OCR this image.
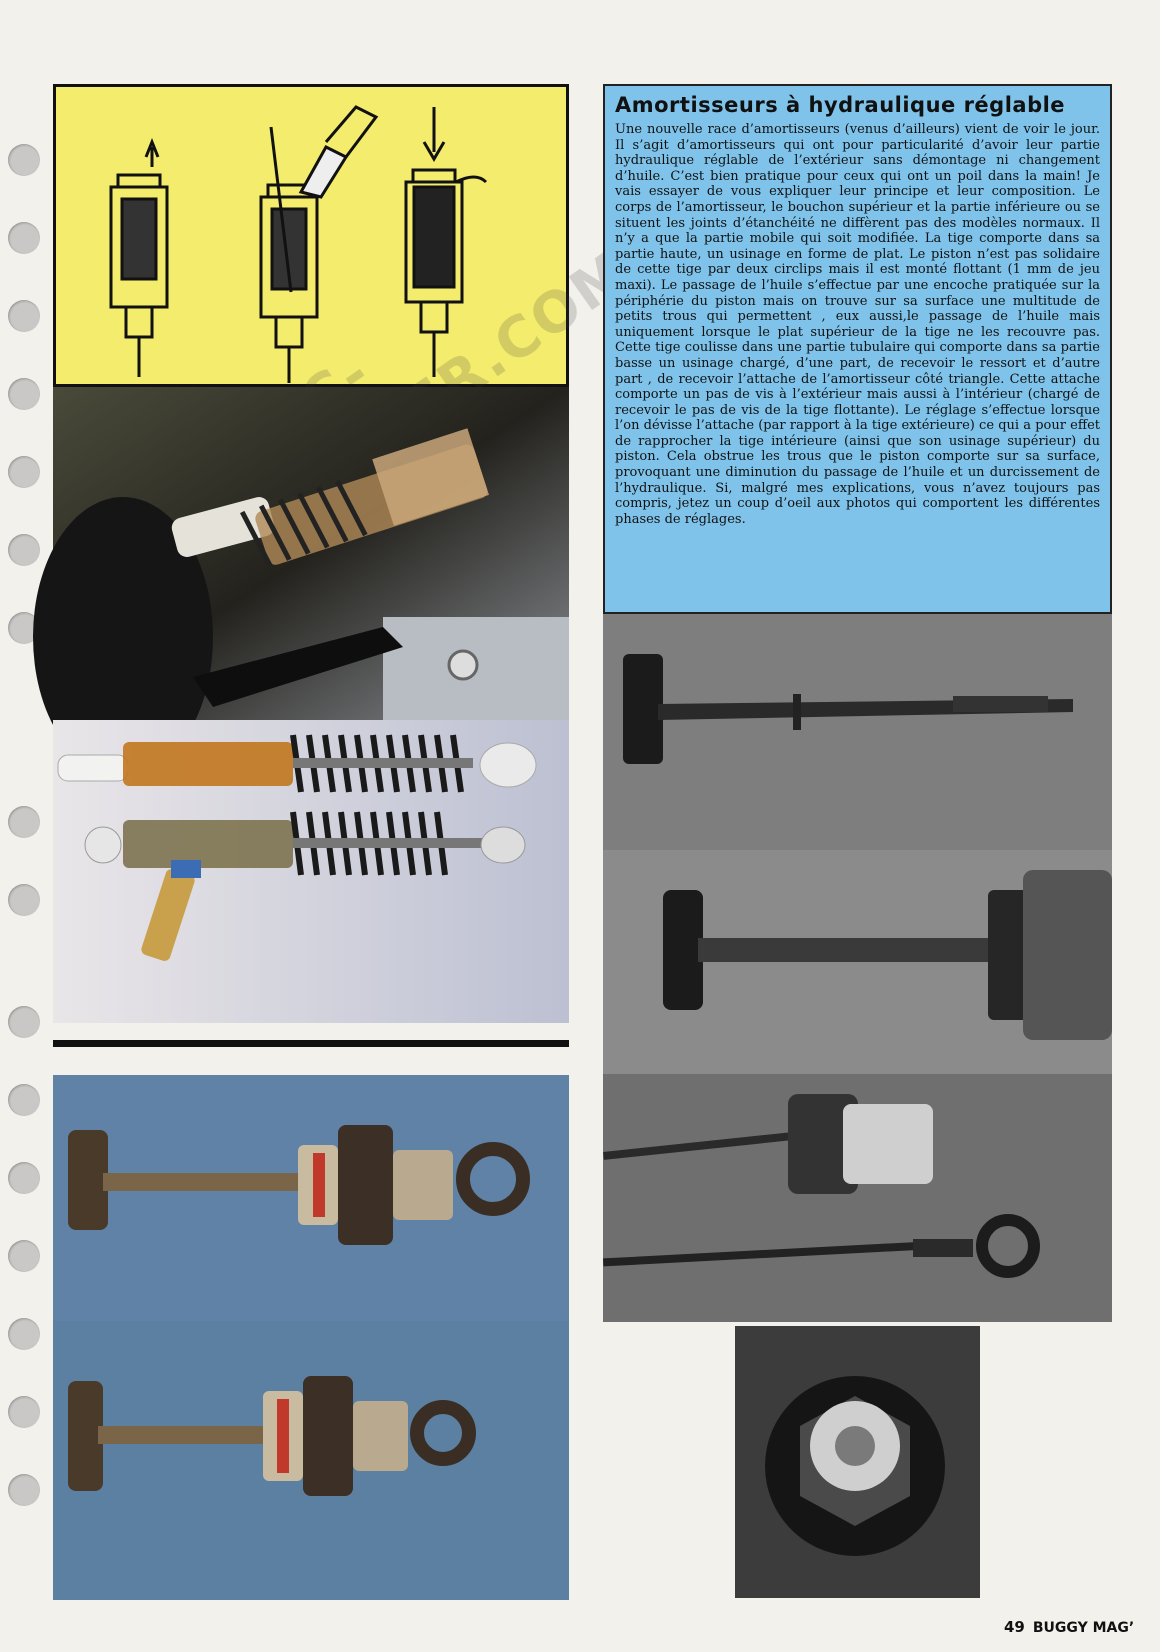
RC-PAPER.COM
Amortisseurs à hydraulique réglable

Une nouvelle race d’amortisseurs (venus d’ailleurs) vient de voir le jour. Il s’agit d’amortisseurs qui ont pour particularité d’avoir leur partie hydraulique réglable de l’extérieur sans démontage ni changement d’huile. C’est bien pratique pour ceux qui ont un poil dans la main! Je vais essayer de vous expliquer leur principe et leur composition. Le corps de l’amortisseur, le bouchon supérieur et la partie inférieure ou se situent les joints d’étanchéité ne diffèrent pas des modèles normaux. Il n’y a que la partie mobile qui soit modifiée. La tige comporte dans sa partie haute, un usinage en forme de plat. Le piston n’est pas solidaire de cette tige par deux circlips mais il est monté flottant (1 mm de jeu maxi). Le passage de l’huile s’effectue par une encoche pratiquée sur la périphérie du piston mais on trouve sur sa surface une multitude de petits trous qui permettent , eux aussi,le passage de l’huile mais uniquement lorsque le plat supérieur de la tige ne les recouvre pas. Cette tige coulisse dans une partie tubulaire qui comporte dans sa partie basse un usinage chargé, d’une part, de recevoir le ressort et d’autre part , de recevoir l’attache de l’amortisseur côté triangle. Cette attache comporte un pas de vis à l’extérieur mais aussi à l’intérieur (chargé de recevoir le pas de vis de la tige flottante). Le réglage s’effectue lorsque l’on dévisse l’attache (par rapport à la tige extérieure) ce qui a pour effet de rapprocher la tige intérieure (ainsi que son usinage supérieur) du piston. Cela obstrue les trous que le piston comporte sur sa surface, provoquant une diminution du passage de l’huile et un durcissement de l’hydraulique. Si, malgré mes explications, vous n’avez toujours pas compris, jetez un coup d’oeil aux photos qui comportent les différentes phases de réglages.

49 BUGGY MAG’
